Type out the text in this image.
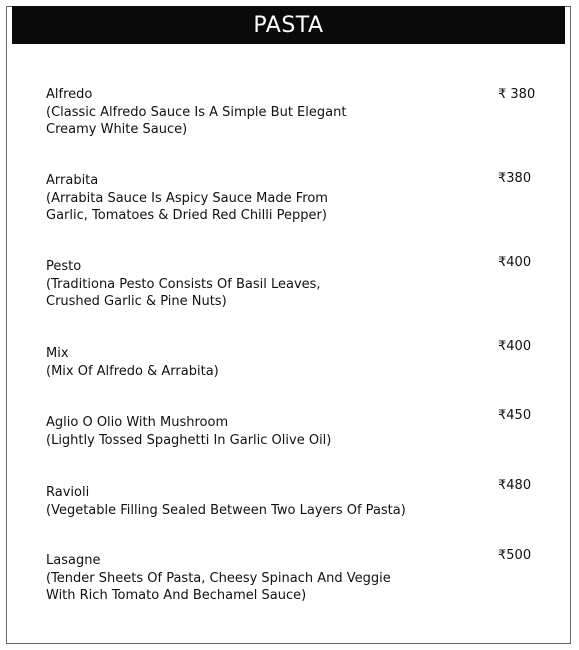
PASTA
Alfredo
(Classic Alfredo Sauce Is A Simple But Elegant
Creamy White Sauce)
₹ 380
Arrabita
(Arrabita Sauce Is Aspicy Sauce Made From
Garlic, Tomatoes & Dried Red Chilli Pepper)
₹380
Pesto
(Traditiona Pesto Consists Of Basil Leaves,
Crushed Garlic & Pine Nuts)
₹400
Mix
(Mix Of Alfredo & Arrabita)
₹400
Aglio O Olio With Mushroom
(Lightly Tossed Spaghetti In Garlic Olive Oil)
₹450
Ravioli
(Vegetable Filling Sealed Between Two Layers Of Pasta)
₹480
Lasagne
(Tender Sheets Of Pasta, Cheesy Spinach And Veggie
With Rich Tomato And Bechamel Sauce)
₹500
